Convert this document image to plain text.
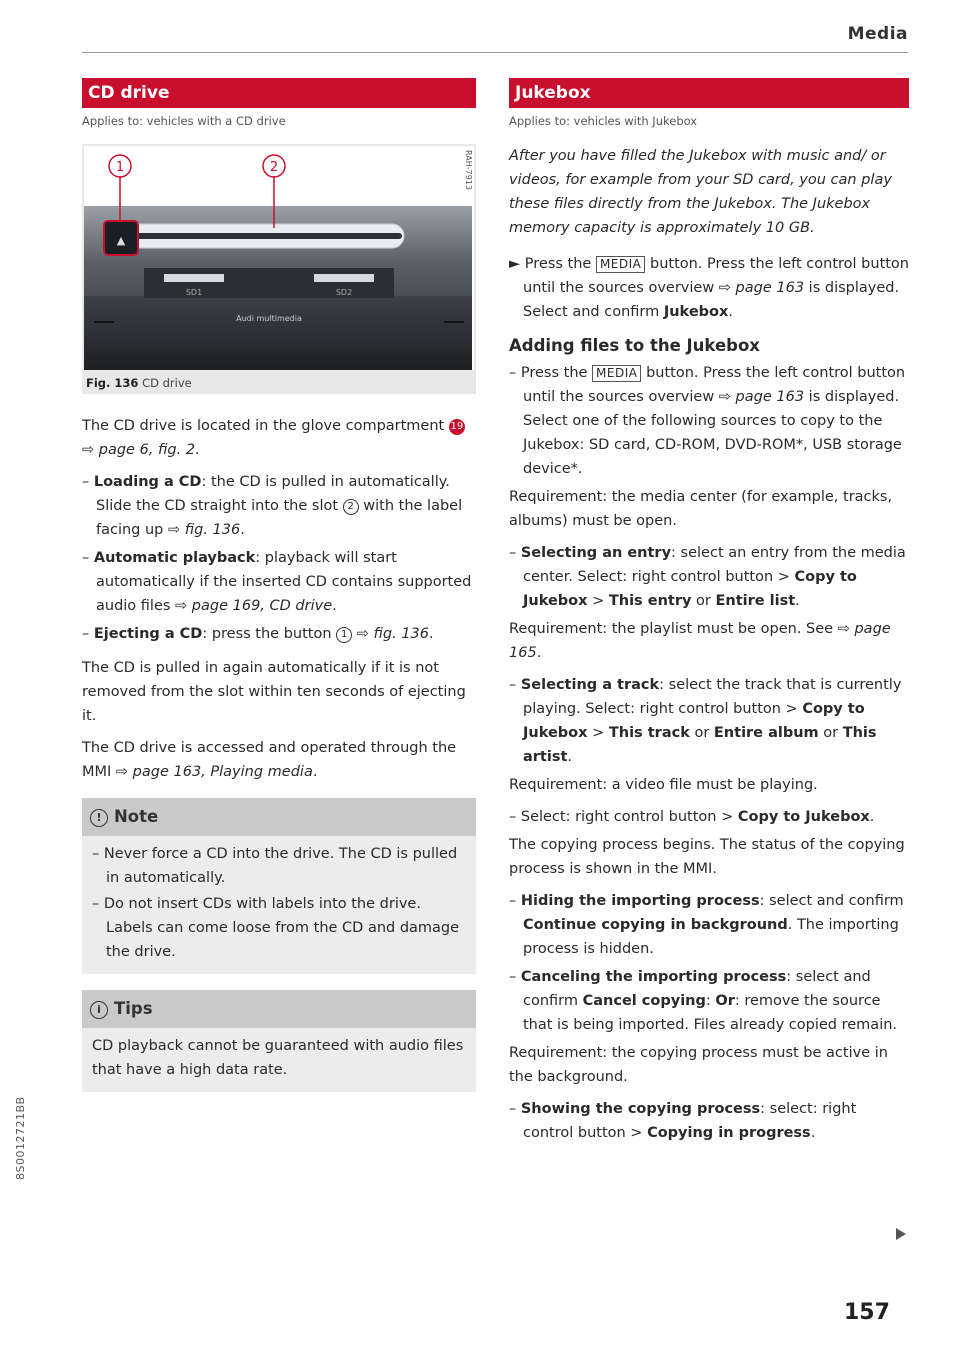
Media
CD drive
Applies to: vehicles with a CD drive
▲
SD1	SD2
Audi multimedia
1	2	RAH-7913
Fig. 136 CD drive

The CD drive is located in the glove compartment 19 ⇨ page 6, fig. 2.

– Loading a CD: the CD is pulled in automatically. Slide the CD straight into the slot 2 with the label facing up ⇨ fig. 136.

– Automatic playback: playback will start automatically if the inserted CD contains supported audio files ⇨ page 169, CD drive.

– Ejecting a CD: press the button 1 ⇨ fig. 136.

The CD is pulled in again automatically if it is not removed from the slot within ten seconds of ejecting it.

The CD drive is accessed and operated through the MMI ⇨ page 163, Playing media.

! Note

– Never force a CD into the drive. The CD is pulled in automatically.

– Do not insert CDs with labels into the drive. Labels can come loose from the CD and damage the drive.

i Tips

CD playback cannot be guaranteed with audio files that have a high data rate.

Jukebox
Applies to: vehicles with Jukebox

After you have filled the Jukebox with music and/ or videos, for example from your SD card, you can play these files directly from the Jukebox. The Jukebox memory capacity is approximately 10 GB.

► Press the MEDIA button. Press the left control button until the sources overview ⇨ page 163 is displayed. Select and confirm Jukebox.

Adding files to the Jukebox

– Press the MEDIA button. Press the left control button until the sources overview ⇨ page 163 is displayed. Select one of the following sources to copy to the Jukebox: SD card, CD-ROM, DVD-ROM*, USB storage device*.

Requirement: the media center (for example, tracks, albums) must be open.

– Selecting an entry: select an entry from the media center. Select: right control button > Copy to Jukebox > This entry or Entire list.

Requirement: the playlist must be open. See ⇨ page 165.

– Selecting a track: select the track that is currently playing. Select: right control button > Copy to Jukebox > This track or Entire album or This artist.

Requirement: a video file must be playing.

– Select: right control button > Copy to Jukebox.

The copying process begins. The status of the copying process is shown in the MMI.

– Hiding the importing process: select and confirm Continue copying in background. The importing process is hidden.

– Canceling the importing process: select and confirm Cancel copying: Or: remove the source that is being imported. Files already copied remain.

Requirement: the copying process must be active in the background.

– Showing the copying process: select: right control button > Copying in progress.

8S0012721BB
157
